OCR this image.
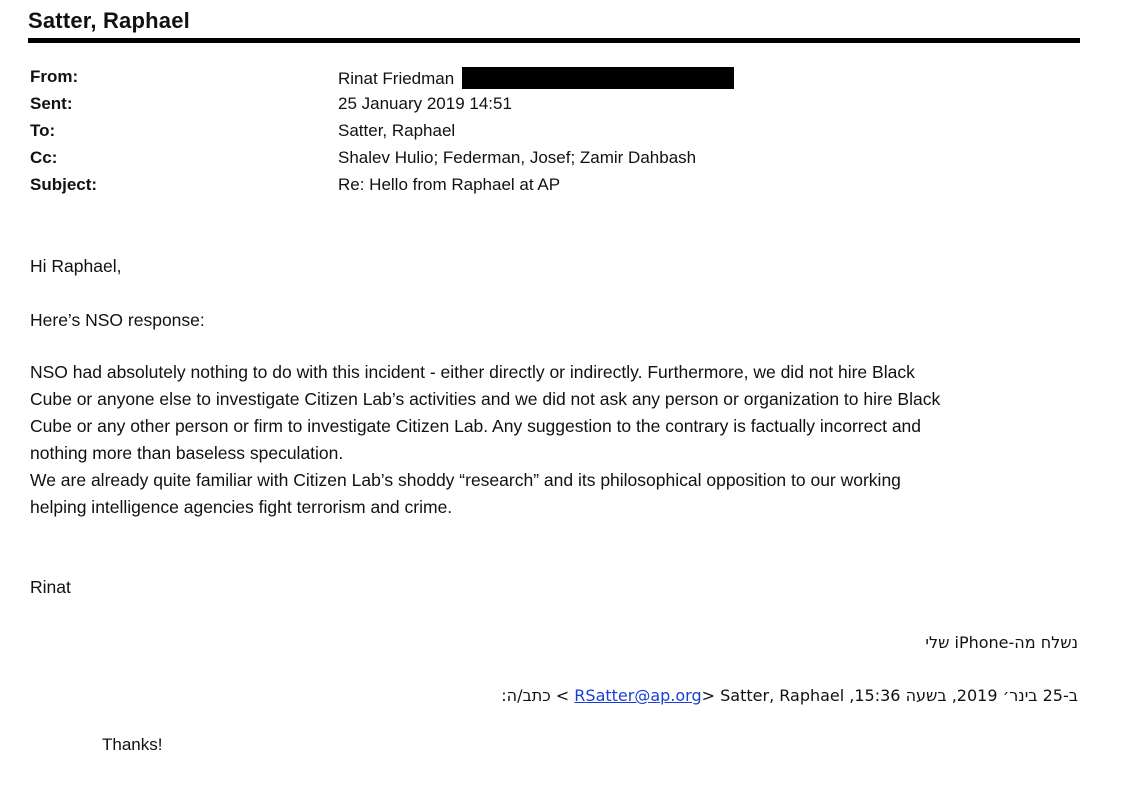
Satter, Raphael
From:	Rinat Friedman
Sent:	25 January 2019 14:51
To:	Satter, Raphael
Cc:	Shalev Hulio; Federman, Josef; Zamir Dahbash
Subject:	Re: Hello from Raphael at AP
Hi Raphael,
Here’s NSO response:

NSO had absolutely nothing to do with this incident - either directly or indirectly. Furthermore, we did not hire Black

Cube or anyone else to investigate Citizen Lab’s activities and we did not ask any person or organization to hire Black

Cube or any other person or firm to investigate Citizen Lab. Any suggestion to the contrary is factually incorrect and

nothing more than baseless speculation.

We are already quite familiar with Citizen Lab’s shoddy “research” and its philosophical opposition to our working

helping intelligence agencies fight terrorism and crime.

Rinat
נשלח מה-iPhone שלי
> כתב/ה: RSatter@ap.orgב-25 בינר׳ 2019, בשעה 15:36, Satter, Raphael <
Thanks!
